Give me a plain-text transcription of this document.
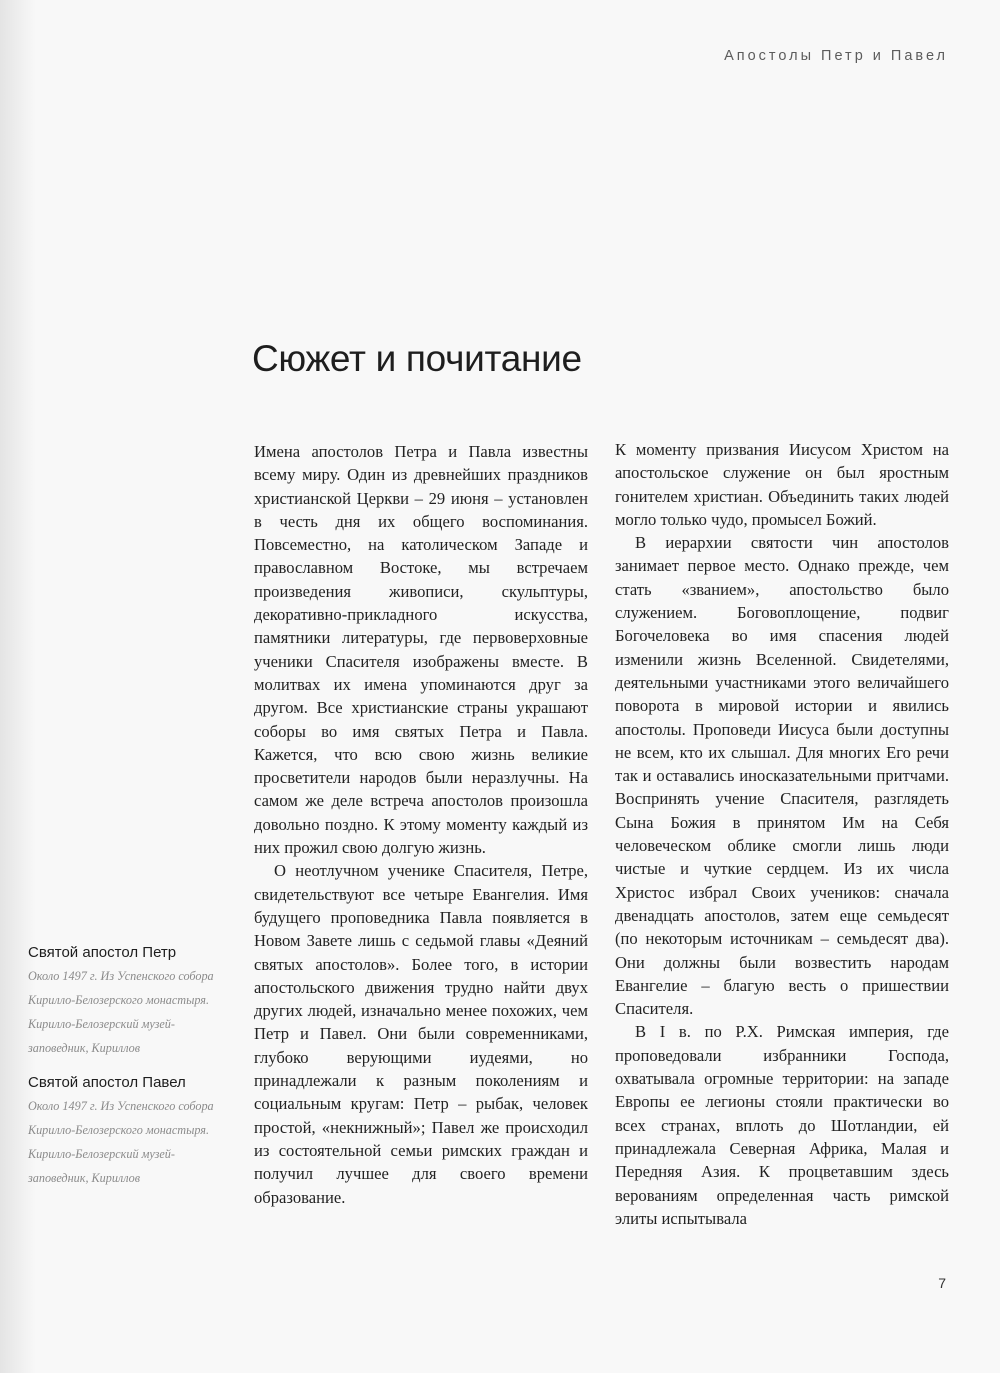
Апостолы Петр и Павел
Сюжет и почитание

Имена апостолов Петра и Павла известны всему миру. Один из древнейших праздников христианской Церкви – 29 июня – установлен в честь дня их общего воспоминания. Повсеместно, на католическом Западе и православном Востоке, мы встречаем произведения живописи, скульптуры, декоративно-прикладного искусства, памятники литературы, где первоверховные ученики Спасителя изображены вместе. В молитвах их имена упоминаются друг за другом. Все христианские страны украшают соборы во имя святых Петра и Павла. Кажется, что всю свою жизнь великие просветители народов были неразлучны. На самом же деле встреча апостолов произошла довольно поздно. К этому моменту каждый из них прожил свою долгую жизнь.

О неотлучном ученике Спасителя, Петре, свидетельствуют все четыре Евангелия. Имя будущего проповедника Павла появляется в Новом Завете лишь с седьмой главы «Деяний святых апостолов». Более того, в истории апостольского движения трудно найти двух других людей, изначально менее похожих, чем Петр и Павел. Они были современниками, глубоко верующими иудеями, но принадлежали к разным поколениям и социальным кругам: Петр – рыбак, человек простой, «некнижный»; Павел же происходил из состоятельной семьи римских граждан и получил лучшее для своего времени образование.

К моменту призвания Иисусом Христом на апостольское служение он был яростным гонителем христиан. Объединить таких людей могло только чудо, промысел Божий.

В иерархии святости чин апостолов занимает первое место. Однако прежде, чем стать «званием», апостольство было служением. Боговоплощение, подвиг Богочеловека во имя спасения людей изменили жизнь Вселенной. Свидетелями, деятельными участниками этого величайшего поворота в мировой истории и явились апостолы. Проповеди Иисуса были доступны не всем, кто их слышал. Для многих Его речи так и оставались иносказательными притчами. Воспринять учение Спасителя, разглядеть Сына Божия в принятом Им на Себя человеческом облике смогли лишь люди чистые и чуткие сердцем. Из их числа Христос избрал Своих учеников: сначала двенадцать апостолов, затем еще семьдесят (по некоторым источникам – семьдесят два). Они должны были возвестить народам Евангелие – благую весть о пришествии Спасителя.

В I в. по Р.Х. Римская империя, где проповедовали избранники Господа, охватывала огромные территории: на западе Европы ее легионы стояли практически во всех странах, вплоть до Шотландии, ей принадлежала Северная Африка, Малая и Передняя Азия. К процветавшим здесь верованиям определенная часть римской элиты испытывала

Святой апостол Петр
Около 1497 г. Из Успенского собора Кирилло-Белозерского монастыря. Кирилло-Белозерский музей-заповедник, Кириллов
Святой апостол Павел
Около 1497 г. Из Успенского собора Кирилло-Белозерского монастыря. Кирилло-Белозерский музей-заповедник, Кириллов
7
